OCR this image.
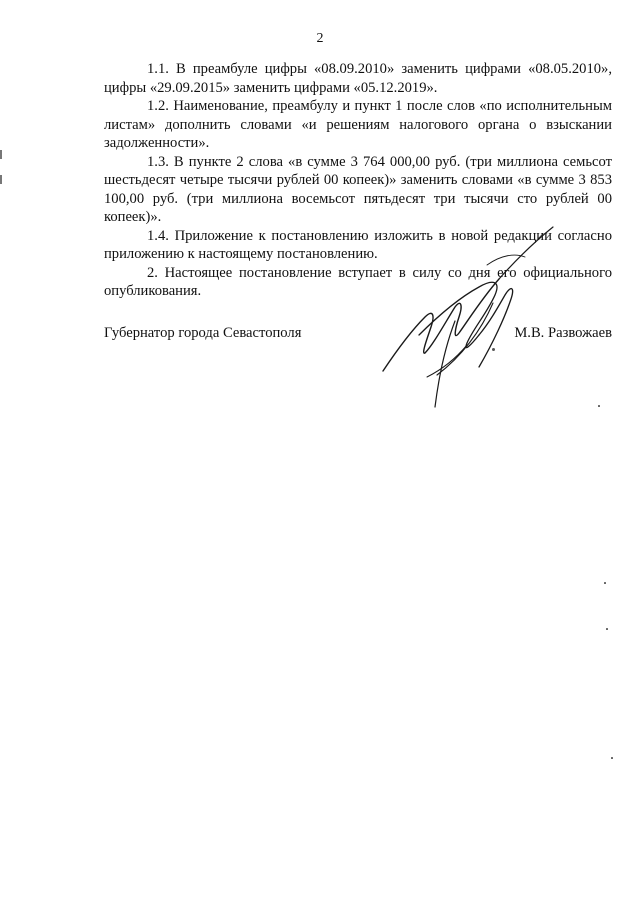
2

1.1. В преамбуле цифры «08.09.2010» заменить цифрами «08.05.2010», цифры «29.09.2015» заменить цифрами «05.12.2019».

1.2. Наименование, преамбулу и пункт 1 после слов «по исполнительным листам» дополнить словами «и решениям налогового органа о взыскании задолженности».

1.3. В пункте 2 слова «в сумме 3 764 000,00 руб. (три миллиона семьсот шестьдесят четыре тысячи рублей 00 копеек)» заменить словами «в сумме 3 853 100,00 руб. (три миллиона восемьсот пятьдесят три тысячи сто рублей 00 копеек)».

1.4. Приложение к постановлению изложить в новой редакции согласно приложению к настоящему постановлению.

2. Настоящее постановление вступает в силу со дня его официального опубликования.

Губернатор города Севастополя	М.В. Развожаев
